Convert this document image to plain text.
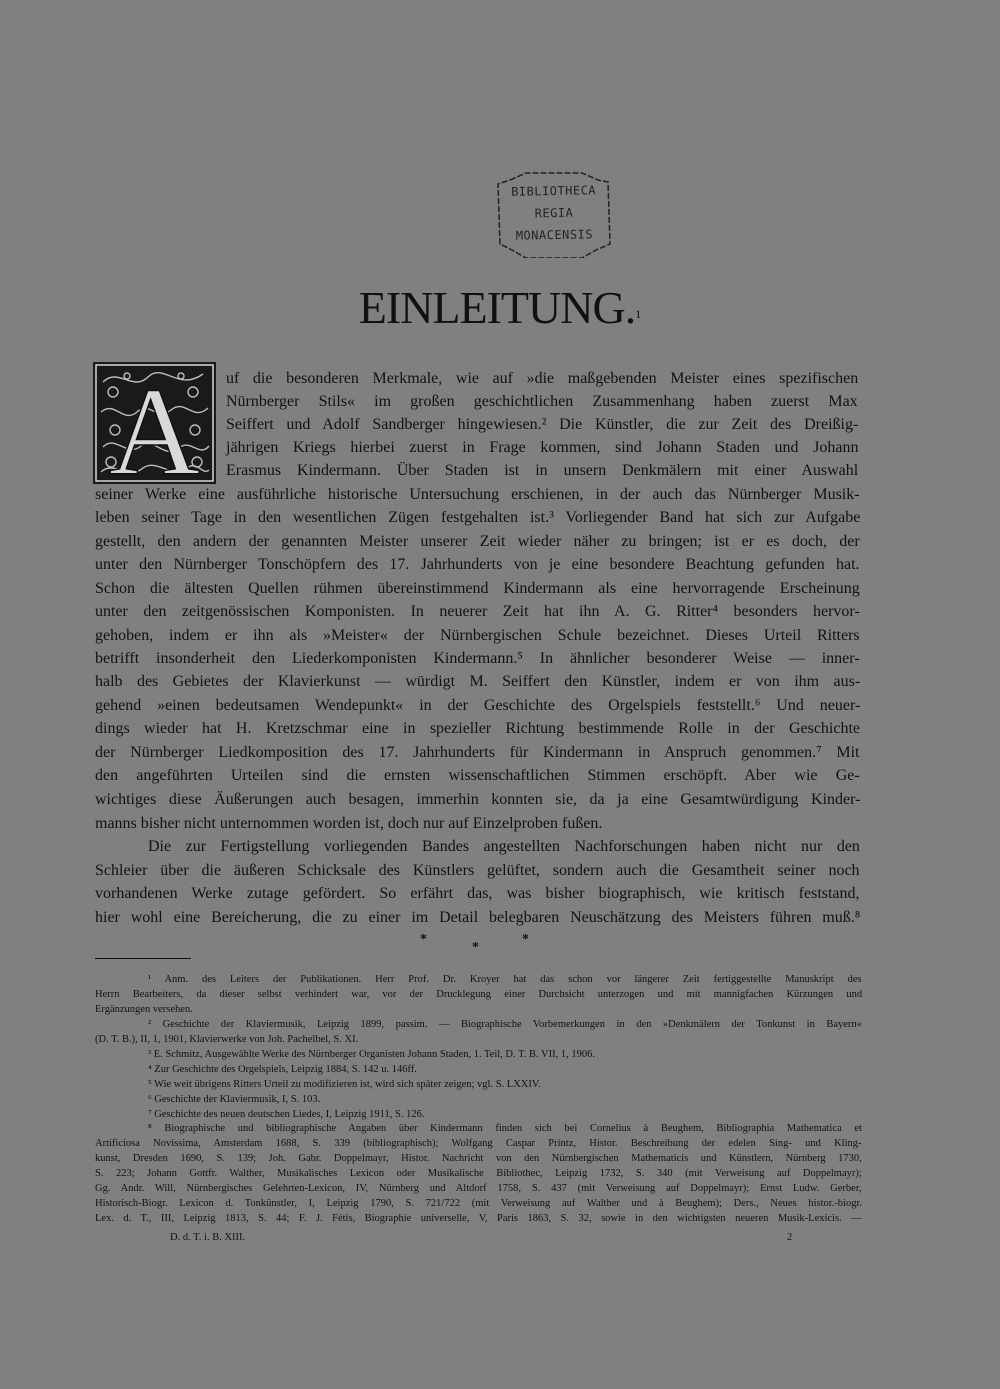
BIBLIOTHECA
REGIA
MONACENSIS
EINLEITUNG.$^1$
A uf die besonderen Merkmale, wie auf »die maßgebenden Meister eines spezifischen
Nürnberger Stils« im großen geschichtlichen Zusammenhang haben zuerst Max
Seiffert und Adolf Sandberger hingewiesen.² Die Künstler, die zur Zeit des Dreißig-
jährigen Kriegs hierbei zuerst in Frage kommen, sind Johann Staden und Johann
Erasmus Kindermann. Über Staden ist in unsern Denkmälern mit einer Auswahl
seiner Werke eine ausführliche historische Untersuchung erschienen, in der auch das Nürnberger Musik-
leben seiner Tage in den wesentlichen Zügen festgehalten ist.³ Vorliegender Band hat sich zur Aufgabe
gestellt, den andern der genannten Meister unserer Zeit wieder näher zu bringen; ist er es doch, der
unter den Nürnberger Tonschöpfern des 17. Jahrhunderts von je eine besondere Beachtung gefunden hat.
Schon die ältesten Quellen rühmen übereinstimmend Kindermann als eine hervorragende Erscheinung
unter den zeitgenössischen Komponisten. In neuerer Zeit hat ihn A. G. Ritter⁴ besonders hervor-
gehoben, indem er ihn als »Meister« der Nürnbergischen Schule bezeichnet. Dieses Urteil Ritters
betrifft insonderheit den Liederkomponisten Kindermann.⁵ In ähnlicher besonderer Weise — inner-
halb des Gebietes der Klavierkunst — würdigt M. Seiffert den Künstler, indem er von ihm aus-
gehend »einen bedeutsamen Wendepunkt« in der Geschichte des Orgelspiels feststellt.⁶ Und neuer-
dings wieder hat H. Kretzschmar eine in spezieller Richtung bestimmende Rolle in der Geschichte
der Nürnberger Liedkomposition des 17. Jahrhunderts für Kindermann in Anspruch genommen.⁷ Mit
den angeführten Urteilen sind die ernsten wissenschaftlichen Stimmen erschöpft. Aber wie Ge-
wichtiges diese Äußerungen auch besagen, immerhin konnten sie, da ja eine Gesamtwürdigung Kinder-
manns bisher nicht unternommen worden ist, doch nur auf Einzelproben fußen.
Die zur Fertigstellung vorliegenden Bandes angestellten Nachforschungen haben nicht nur den
Schleier über die äußeren Schicksale des Künstlers gelüftet, sondern auch die Gesamtheit seiner noch
vorhandenen Werke zutage gefördert. So erfährt das, was bisher biographisch, wie kritisch feststand,
hier wohl eine Bereicherung, die zu einer im Detail belegbaren Neuschätzung des Meisters führen muß.⁸
*
*
*
¹ Anm. des Leiters der Publikationen. Herr Prof. Dr. Kroyer hat das schon vor längerer Zeit fertiggestellte Manuskript des
Herrn Bearbeiters, da dieser selbst verhindert war, vor der Drucklegung einer Durchsicht unterzogen und mit mannigfachen Kürzungen und
Ergänzungen versehen.
² Geschichte der Klaviermusik, Leipzig 1899, passim. — Biographische Vorbemerkungen in den »Denkmälern der Tonkunst in Bayern«
(D. T. B.), II, 1, 1901, Klavierwerke von Joh. Pachelbel, S. XI.
³ E. Schmitz, Ausgewählte Werke des Nürnberger Organisten Johann Staden, 1. Teil, D. T. B. VII, 1, 1906.
⁴ Zur Geschichte des Orgelspiels, Leipzig 1884, S. 142 u. 146ff.
⁵ Wie weit übrigens Ritters Urteil zu modifizieren ist, wird sich später zeigen; vgl. S. LXXIV.
⁶ Geschichte der Klaviermusik, I, S. 103.
⁷ Geschichte des neuen deutschen Liedes, I, Leipzig 1911, S. 126.
⁸ Biographische und bibliographische Angaben über Kindermann finden sich bei Cornelius à Beughem, Bibliographia Mathematica et
Artificiosa Novissima, Amsterdam 1688, S. 339 (bibliographisch); Wolfgang Caspar Printz, Histor. Beschreibung der edelen Sing- und Kling-
kunst, Dresden 1690, S. 139; Joh. Gabr. Doppelmayr, Histor. Nachricht von den Nürnbergischen Mathematicis und Künstlern, Nürnberg 1730,
S. 223; Johann Gottfr. Walther, Musikalisches Lexicon oder Musikalische Bibliothec, Leipzig 1732, S. 340 (mit Verweisung auf Doppelmayr);
Gg. Andr. Will, Nürnbergisches Gelehrten-Lexicon, IV, Nürnberg und Altdorf 1758, S. 437 (mit Verweisung auf Doppelmayr); Ernst Ludw. Gerber,
Historisch-Biogr. Lexicon d. Tonkünstler, I, Leipzig 1790, S. 721/722 (mit Verweisung auf Walther und à Beughem); Ders., Neues histor.-biogr.
Lex. d. T., III, Leipzig 1813, S. 44; F. J. Fétis, Biographie universelle, V, Paris 1863, S. 32, sowie in den wichtigsten neueren Musik-Lexicis. —
D. d. T. i. B. XIII.	2
